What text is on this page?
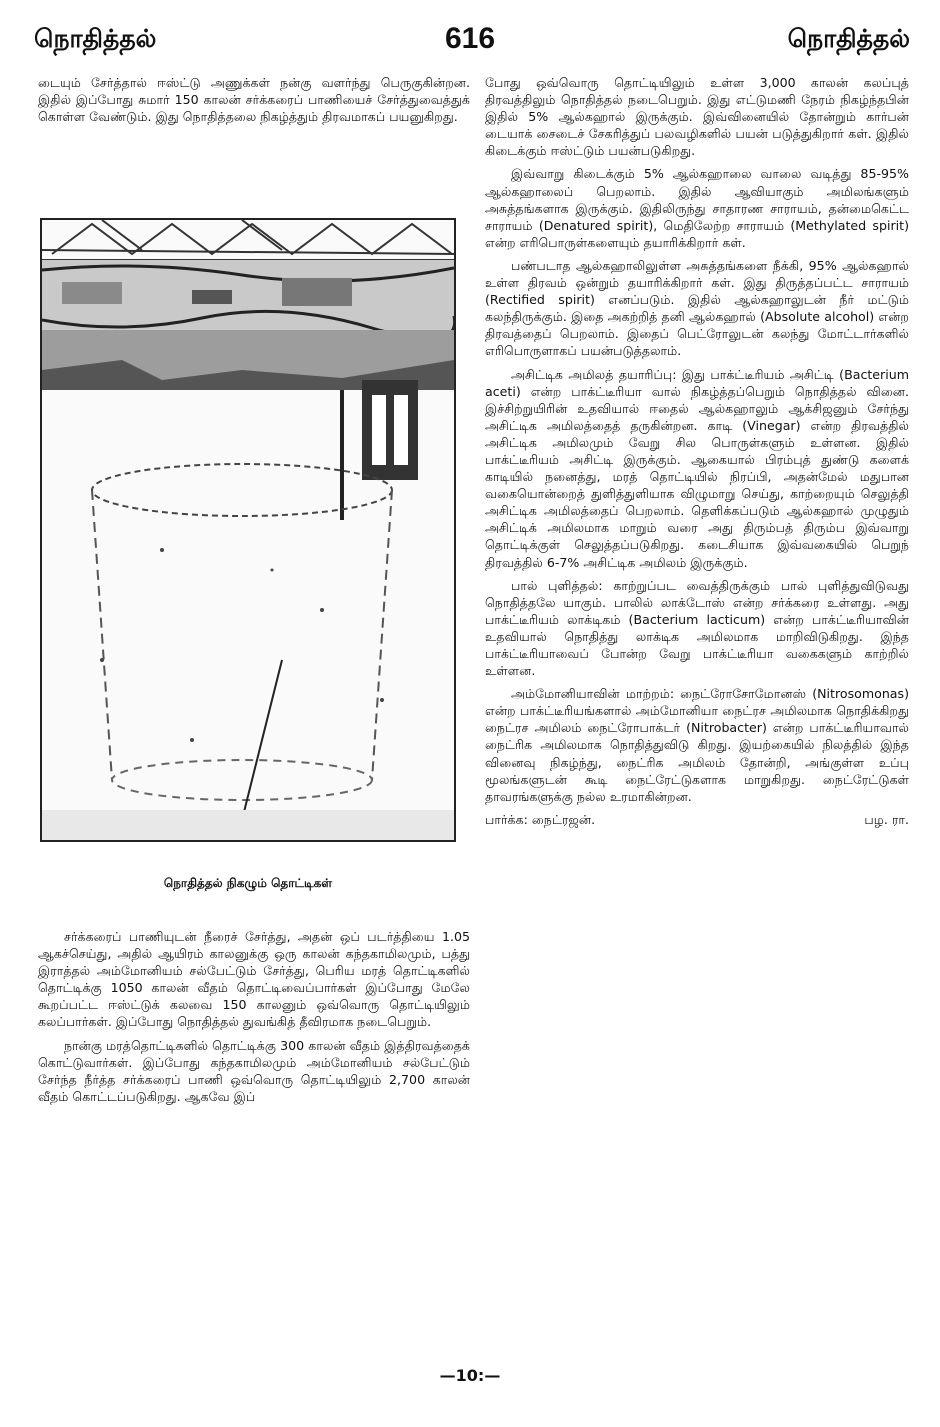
நொதித்தல்	616	நொதித்தல்

டையும் சேர்த்தால் ஈஸ்ட்டு அணுக்கள் நன்கு வளர்ந்து பெருகுகின்றன. இதில் இப்போது சுமார் 150 காலன் சர்க்கரைப் பாணியைச் சேர்த்துவைத்துக் கொள்ள வேண்டும். இது நொதித்தலை நிகழ்த்தும் திரவமாகப் பயனுகிறது.

நொதித்தல் நிகழும் தொட்டிகள்

சர்க்கரைப் பாணியுடன் நீரைச் சேர்த்து, அதன் ஒப் படர்த்தியை 1.05 ஆகச்செய்து, அதில் ஆயிரம் காலனுக்கு ஒரு காலன் கந்தகாமிலமும், பத்து இராத்தல் அம்மோனியம் சல்பேட்டும் சேர்த்து, பெரிய மரத் தொட்டிகளில் தொட்டிக்கு 1050 காலன் வீதம் தொட்டிவைப்பார்கள் இப்போது மேலே கூறப்பட்ட ஈஸ்ட்டுக் கலவை 150 காலனும் ஒவ்வொரு தொட்டியிலும் கலப்பார்கள். இப்போது நொதித்தல் துவங்கித் தீவிரமாக நடைபெறும்.

நான்கு மரத்தொட்டிகளில் தொட்டிக்கு 300 காலன் வீதம் இத்திரவத்தைக் கொட்டுவார்கள். இப்போது கந்தகாமிலமும் அம்மோனியம் சல்பேட்டும் சேர்ந்த நீர்த்த சர்க்கரைப் பாணி ஒவ்வொரு தொட்டியிலும் 2,700 காலன் வீதம் கொட்டப்படுகிறது. ஆகவே இப்

போது ஒவ்வொரு தொட்டியிலும் உள்ள 3,000 காலன் கலப்புத் திரவத்திலும் நொதித்தல் நடைபெறும். இது எட்டுமணி நேரம் நிகழ்ந்தபின் இதில் 5% ஆல்கஹால் இருக்கும். இவ்வினையில் தோன்றும் கார்பன் டையாக் சைடைச் சேகரித்துப் பலவழிகளில் பயன் படுத்துகிறார் கள். இதில் கிடைக்கும் ஈஸ்ட்டும் பயன்படுகிறது.

இவ்வாறு கிடைக்கும் 5% ஆல்கஹாலை வாலை வடித்து 85-95% ஆல்கஹாலைப் பெறலாம். இதில் ஆவியாகும் அமிலங்களும் அசுத்தங்களாக இருக்கும். இதிலிருந்து சாதாரண சாராயம், தன்மைகெட்ட சாராயம் (Denatured spirit), மெதிலேற்ற சாராயம் (Methylated spirit) என்ற எரிபொருள்களையும் தயாரிக்கிறார் கள்.

பண்படாத ஆல்கஹாலிலுள்ள அசுத்தங்களை நீக்கி, 95% ஆல்கஹால் உள்ள திரவம் ஒன்றும் தயாரிக்கிறார் கள். இது திருத்தப்பட்ட சாராயம் (Rectified spirit) எனப்படும். இதில் ஆல்கஹாலுடன் நீர் மட்டும் கலந்திருக்கும். இதை அகற்றித் தனி ஆல்கஹால் (Absolute alcohol) என்ற திரவத்தைப் பெறலாம். இதைப் பெட்ரோலுடன் கலந்து மோட்டார்களில் எரிபொருளாகப் பயன்படுத்தலாம்.

அசிட்டிக அமிலத் தயாரிப்பு: இது பாக்ட்டீரியம் அசிட்டி (Bacterium aceti) என்ற பாக்ட்டீரியா வால் நிகழ்த்தப்பெறும் நொதித்தல் வினை. இச்சிற்றுயிரின் உதவியால் ஈதைல் ஆல்கஹாலும் ஆக்சிஜனும் சேர்ந்து அசிட்டிக அமிலத்தைத் தருகின்றன. காடி (Vinegar) என்ற திரவத்தில் அசிட்டிக அமிலமும் வேறு சில பொருள்களும் உள்ளன. இதில் பாக்ட்டீரியம் அசிட்டி இருக்கும். ஆகையால் பிரம்புத் துண்டு களைக் காடியில் நனைத்து, மரத் தொட்டியில் நிரப்பி, அதன்மேல் மதுபான வகையொன்றைத் துளித்துளியாக விழுமாறு செய்து, காற்றையும் செலுத்தி அசிட்டிக அமிலத்தைப் பெறலாம். தெளிக்கப்படும் ஆல்கஹால் முழுதும் அசிட்டிக் அமிலமாக மாறும் வரை அது திரும்பத் திரும்ப இவ்வாறு தொட்டிக்குள் செலுத்தப்படுகிறது. கடைசியாக இவ்வகையில் பெறுந் திரவத்தில் 6-7% அசிட்டிக அமிலம் இருக்கும்.

பால் புளித்தல்: காற்றுப்பட வைத்திருக்கும் பால் புளித்துவிடுவது நொதித்தலே யாகும். பாலில் லாக்டோஸ் என்ற சர்க்கரை உள்ளது. அது பாக்ட்டீரியம் லாக்டிகம் (Bacterium lacticum) என்ற பாக்ட்டீரியாவின் உதவியால் நொதித்து லாக்டிக அமிலமாக மாறிவிடுகிறது. இந்த பாக்ட்டீரியாவைப் போன்ற வேறு பாக்ட்டீரியா வகைகளும் காற்றில் உள்ளன.

அம்மோனியாவின் மாற்றம்: நைட்ரோசோமோனஸ் (Nitrosomonas) என்ற பாக்ட்டீரியங்களால் அம்மோனியா நைட்ரச அமிலமாக நொதிக்கிறது நைட்ரச அமிலம் நைட்ரோபாக்டர் (Nitrobacter) என்ற பாக்ட்டீரியாவால் நைட்ரிக அமிலமாக நொதித்துவிடு கிறது. இயற்கையில் நிலத்தில் இந்த வினைவு நிகழ்ந்து, நைட்ரிக அமிலம் தோன்றி, அங்குள்ள உப்பு மூலங்களுடன் கூடி நைட்ரேட்டுகளாக மாறுகிறது. நைட்ரேட்டுகள் தாவரங்களுக்கு நல்ல உரமாகின்றன.

பார்க்க: நைட்ரஜன்.	பழ. ரா.
—10:—
